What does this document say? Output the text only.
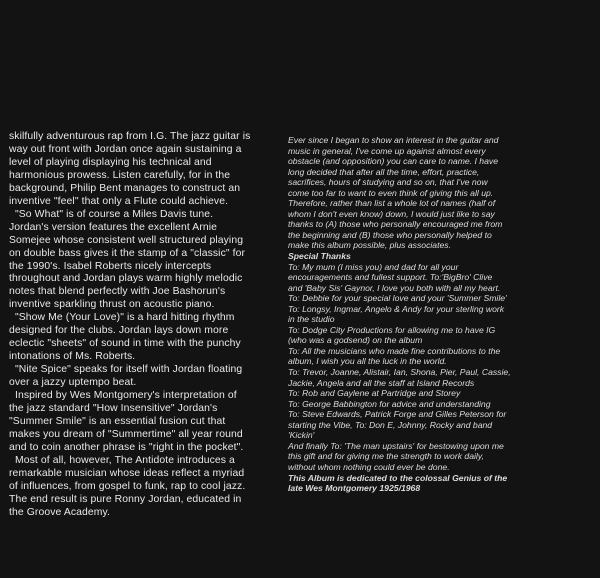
skilfully adventurous rap from I.G. The jazz guitar is

way out front with Jordan once again sustaining a

level of playing displaying his technical and

harmonious prowess. Listen carefully, for in the

background, Philip Bent manages to construct an

inventive "feel" that only a Flute could achieve.

"So What" is of course a Miles Davis tune.

Jordan's version features the excellent Arnie

Somejee whose consistent well structured playing

on double bass gives it the stamp of a "classic" for

the 1990's. Isabel Roberts nicely intercepts

throughout and Jordan plays warm highly melodic

notes that blend perfectly with Joe Bashorun's

inventive sparkling thrust on acoustic piano.

"Show Me (Your Love)" is a hard hitting rhythm

designed for the clubs. Jordan lays down more

eclectic "sheets" of sound in time with the punchy

intonations of Ms. Roberts.

"Nite Spice" speaks for itself with Jordan floating

over a jazzy uptempo beat.

Inspired by Wes Montgomery's interpretation of

the jazz standard "How Insensitive" Jordan's

"Summer Smile" is an essential fusion cut that

makes you dream of "Summertime" all year round

and to coin another phrase is "right in the pocket".

Most of all, however, The Antidote introduces a

remarkable musician whose ideas reflect a myriad

of influences, from gospel to funk, rap to cool jazz.

The end result is pure Ronny Jordan, educated in

the Groove Academy.

Ever since I began to show an interest in the guitar and

music in general, I've come up against almost every

obstacle (and opposition) you can care to name. I have

long decided that after all the time, effort, practice,

sacrifices, hours of studying and so on, that I've now

come too far to want to even think of giving this all up.

Therefore, rather than list a whole lot of names (half of

whom I don't even know) down, I would just like to say

thanks to (A) those who personally encouraged me from

the beginning and (B) those who personally helped to

make this album possible, plus associates.

Special Thanks

To: My mum (I miss you) and dad for all your

encouragements and fullest support. To:'BigBro' Clive

and 'Baby Sis' Gaynor, I love you both with all my heart.

To: Debbie for your special love and your 'Summer Smile'

To: Longsy, Ingmar, Angelo & Andy for your sterling work

in the studio

To: Dodge City Productions for allowing me to have IG

(who was a godsend) on the album

To: All the musicians who made fine contributions to the

album, I wish you all the luck in the world.

To: Trevor, Joanne, Alistair, Ian, Shona, Pier, Paul, Cassie,

Jackie, Angela and all the staff at Island Records

To: Rob and Gaylene at Partridge and Storey

To: George Babbington for advice and understanding

To: Steve Edwards, Patrick Forge and Gilles Peterson for

starting the Vibe, To: Don E, Johnny, Rocky and band

'Kickin'

And finally To: 'The man upstairs' for bestowing upon me

this gift and for giving me the strength to work daily,

without whom nothing could ever be done.

This Album is dedicated to the colossal Genius of the

late Wes Montgomery 1925/1968
